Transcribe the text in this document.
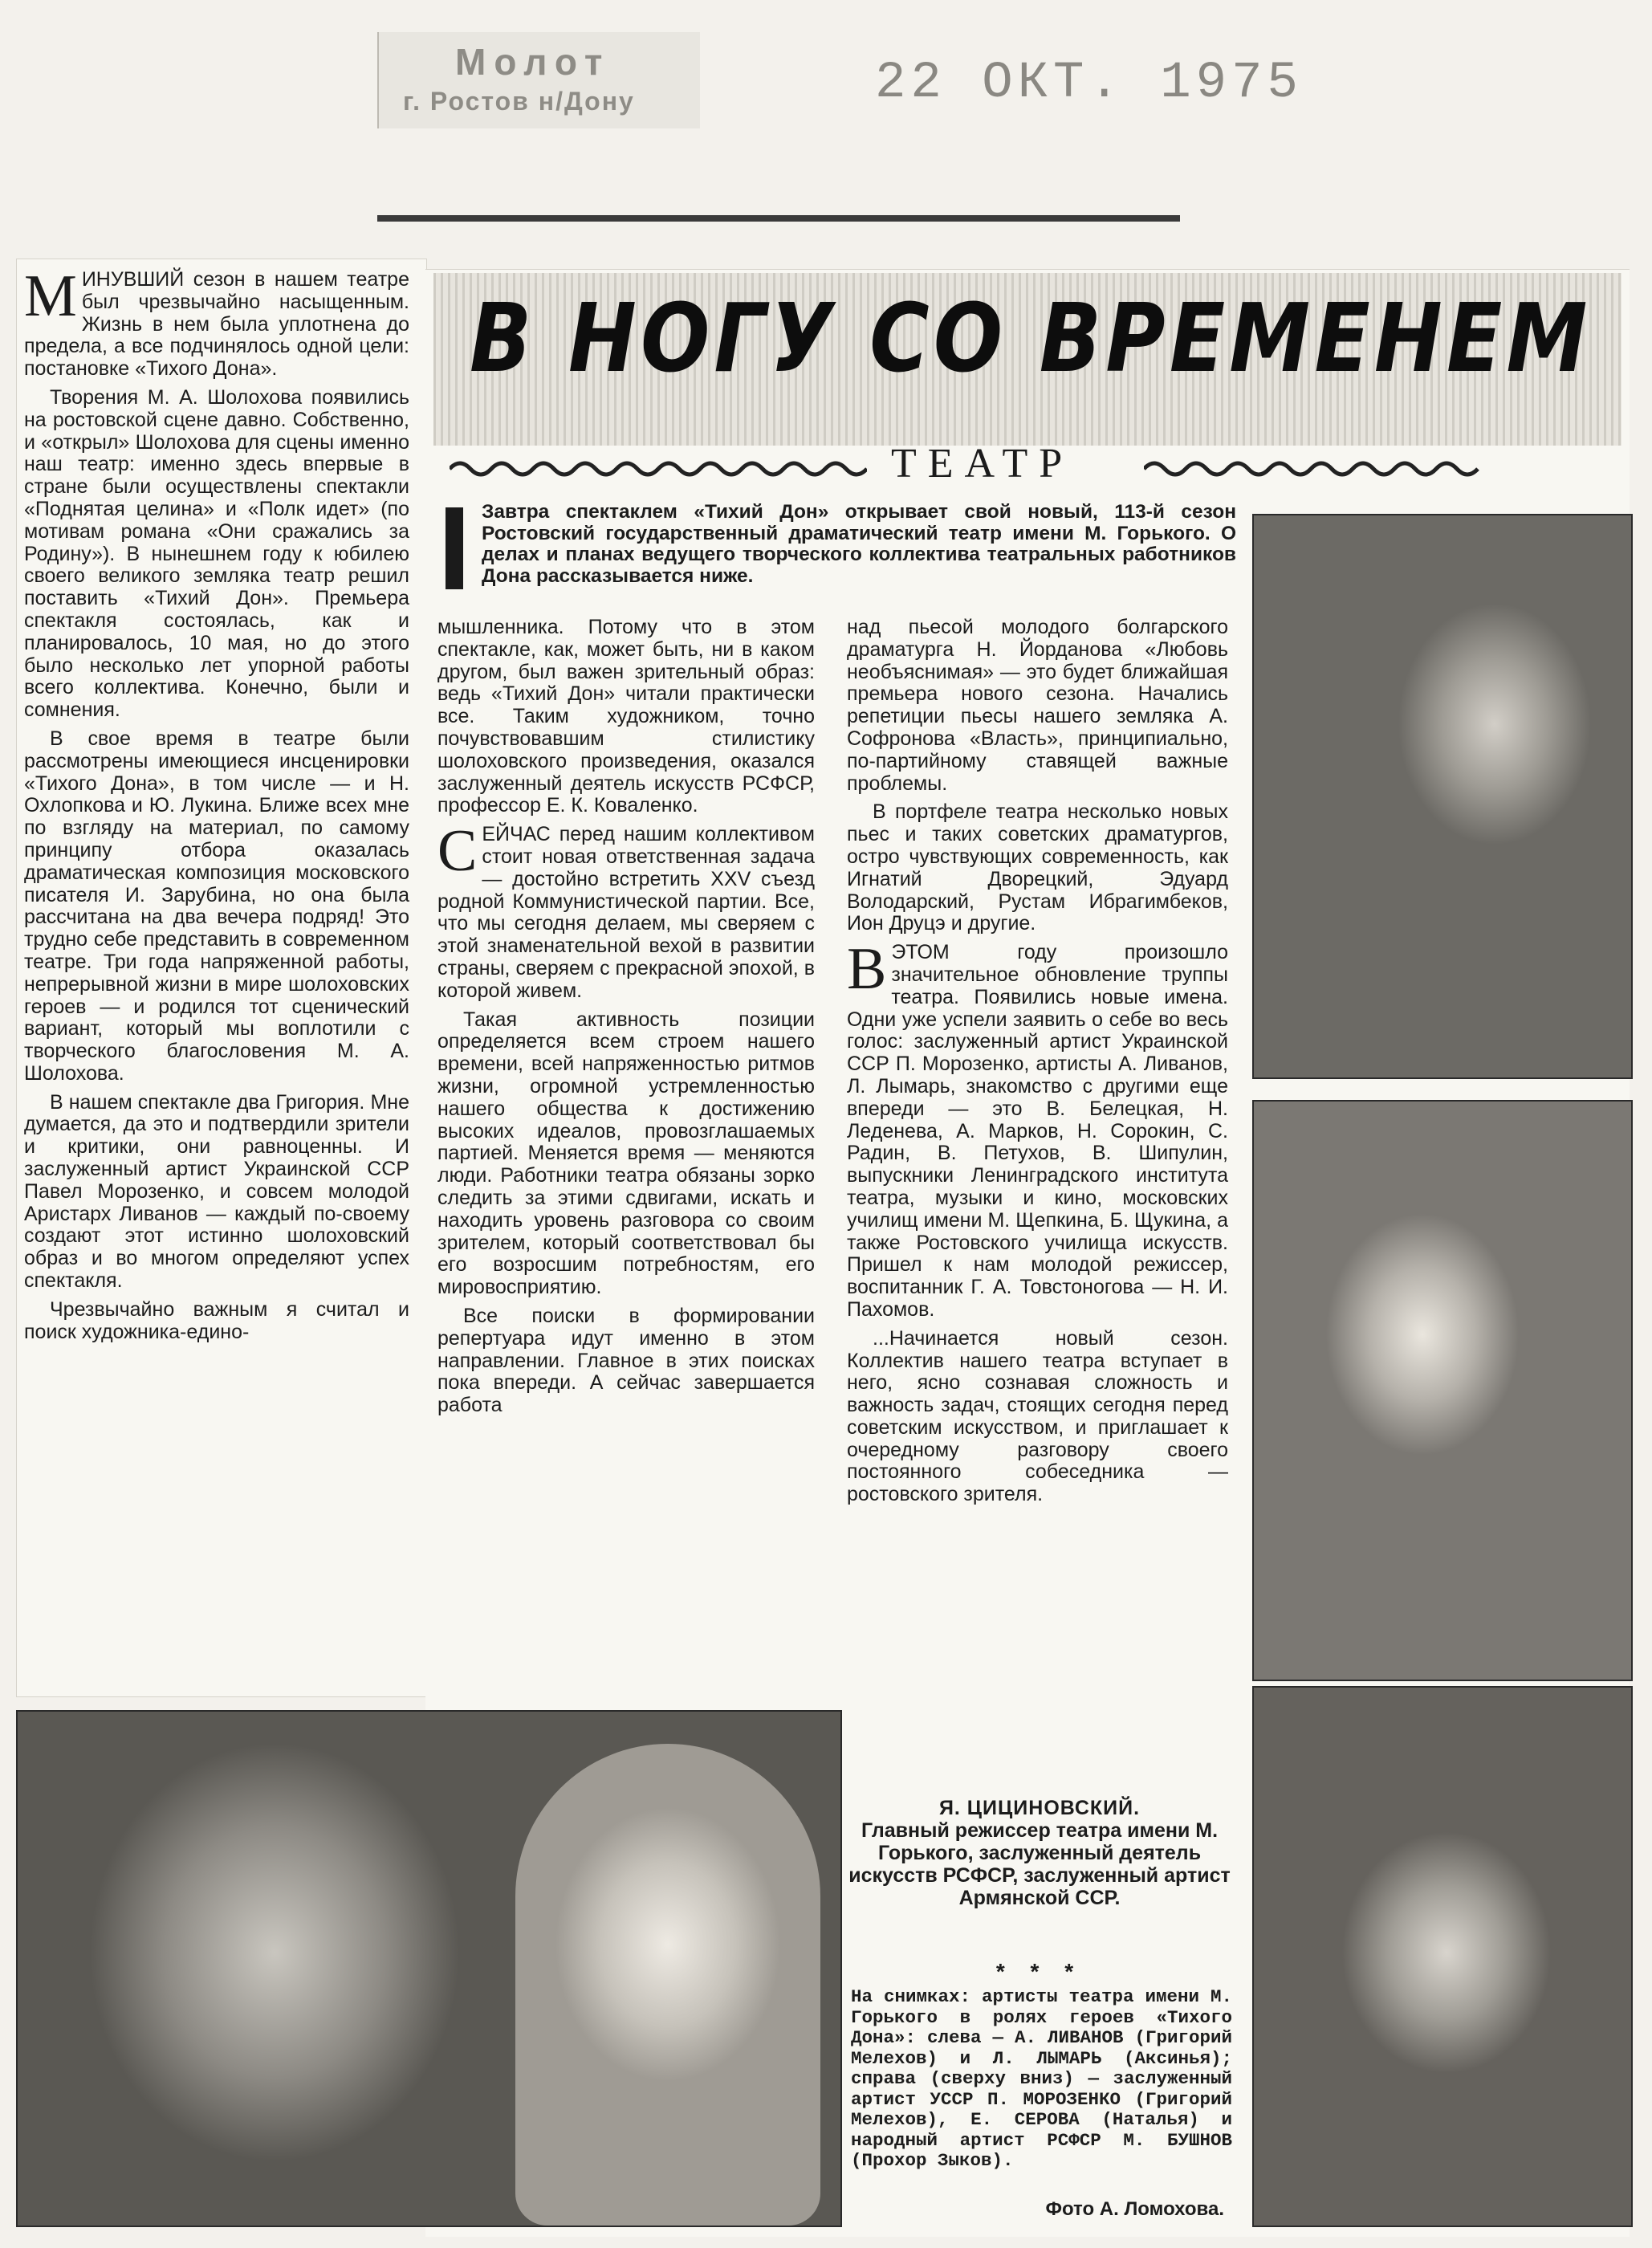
Молот
г. Ростов н/Дону	22 ОКТ. 1975
В НОГУ СО ВРЕМЕНЕМ
ТЕАТР
Завтра спектаклем «Тихий Дон» открывает свой новый, 113-й сезон Ростовский государственный драматический театр имени М. Горького. О делах и планах ведущего творческого коллектива театральных работников Дона рассказывается ниже.

МИНУВШИЙ сезон в нашем театре был чрезвычайно насыщенным. Жизнь в нем была уплотнена до предела, а все подчинялось одной цели: постановке «Тихого Дона».

Творения М. А. Шолохова появились на ростовской сцене давно. Собственно, и «открыл» Шолохова для сцены именно наш театр: именно здесь впервые в стране были осуществлены спектакли «Поднятая целина» и «Полк идет» (по мотивам романа «Они сражались за Родину»). В нынешнем году к юбилею своего великого земляка театр решил поставить «Тихий Дон». Премьера спектакля состоялась, как и планировалось, 10 мая, но до этого было несколько лет упорной работы всего коллектива. Конечно, были и сомнения.

В свое время в театре были рассмотрены имеющиеся инсценировки «Тихого Дона», в том числе — и Н. Охлопкова и Ю. Лукина. Ближе всех мне по взгляду на материал, по самому принципу отбора оказалась драматическая композиция московского писателя И. Зарубина, но она была рассчитана на два вечера подряд! Это трудно себе представить в современном театре. Три года напряженной работы, непрерывной жизни в мире шолоховских героев — и родился тот сценический вариант, который мы воплотили с творческого благословения М. А. Шолохова.

В нашем спектакле два Григория. Мне думается, да это и подтвердили зрители и критики, они равноценны. И заслуженный артист Украинской ССР Павел Морозенко, и совсем молодой Аристарх Ливанов — каждый по-своему создают этот истинно шолоховский образ и во многом определяют успех спектакля.

Чрезвычайно важным я считал и поиск художника-едино-

мышленника. Потому что в этом спектакле, как, может быть, ни в каком другом, был важен зрительный образ: ведь «Тихий Дон» читали практически все. Таким художником, точно почувствовавшим стилистику шолоховского произведения, оказался заслуженный деятель искусств РСФСР, профессор Е. К. Коваленко.

СЕЙЧАС перед нашим коллективом стоит новая ответственная задача — достойно встретить XXV съезд родной Коммунистической партии. Все, что мы сегодня делаем, мы сверяем с этой знаменательной вехой в развитии страны, сверяем с прекрасной эпохой, в которой живем.

Такая активность позиции определяется всем строем нашего времени, всей напряженностью ритмов жизни, огромной устремленностью нашего общества к достижению высоких идеалов, провозглашаемых партией. Меняется время — меняются люди. Работники театра обязаны зорко следить за этими сдвигами, искать и находить уровень разговора со своим зрителем, который соответствовал бы его возросшим потребностям, его мировосприятию.

Все поиски в формировании репертуара идут именно в этом направлении. Главное в этих поисках пока впереди. А сейчас завершается работа

над пьесой молодого болгарского драматурга Н. Йорданова «Любовь необъяснимая» — это будет ближайшая премьера нового сезона. Начались репетиции пьесы нашего земляка А. Софронова «Власть», принципиально, по-партийному ставящей важные проблемы.

В портфеле театра несколько новых пьес и таких советских драматургов, остро чувствующих современность, как Игнатий Дворецкий, Эдуард Володарский, Рустам Ибрагимбеков, Ион Друцэ и другие.

ВЭТОМ году произошло значительное обновление труппы театра. Появились новые имена. Одни уже успели заявить о себе во весь голос: заслуженный артист Украинской ССР П. Морозенко, артисты А. Ливанов, Л. Лымарь, знакомство с другими еще впереди — это В. Белецкая, Н. Леденева, А. Марков, Н. Сорокин, С. Радин, В. Петухов, В. Шипулин, выпускники Ленинградского института театра, музыки и кино, московских училищ имени М. Щепкина, Б. Щукина, а также Ростовского училища искусств. Пришел к нам молодой режиссер, воспитанник Г. А. Товстоногова — Н. И. Пахомов.

...Начинается новый сезон. Коллектив нашего театра вступает в него, ясно сознавая сложность и важность задач, стоящих сегодня перед советским искусством, и приглашает к очередному разговору своего постоянного собеседника — ростовского зрителя.

Я. ЦИЦИНОВСКИЙ.
Главный режиссер театра имени М. Горького, заслуженный деятель искусств РСФСР, заслуженный артист Армянской ССР.
* * *
На снимках: артисты театра имени М. Горького в ролях героев «Тихого Дона»: слева — А. ЛИВАНОВ (Григорий Мелехов) и Л. ЛЫМАРЬ (Аксинья); справа (сверху вниз) — заслуженный артист УССР П. МОРОЗЕНКО (Григорий Мелехов), Е. СЕРОВА (Наталья) и народный артист РСФСР М. БУШНОВ (Прохор Зыков).
Фото А. Ломохова.
